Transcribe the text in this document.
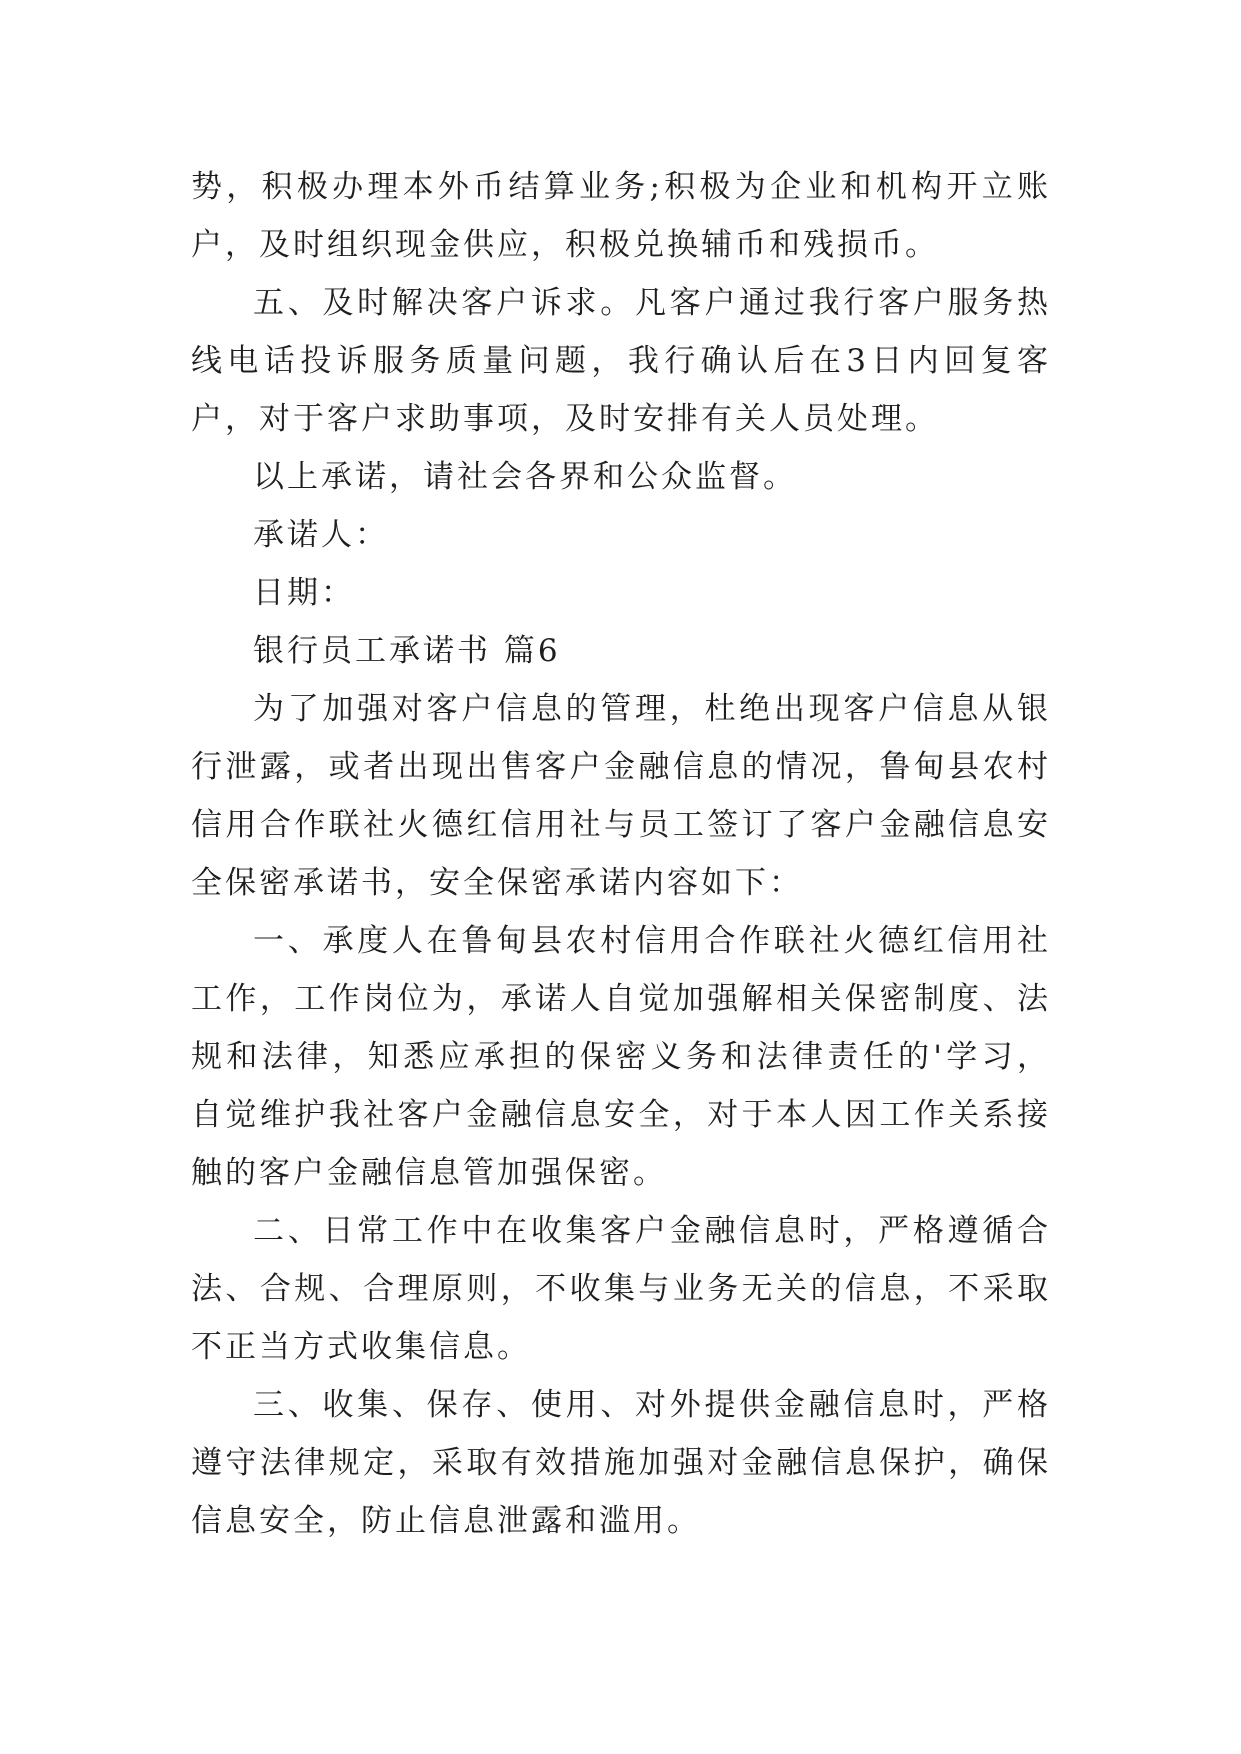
势，积极办理本外币结算业务;积极为企业和机构开立账户，及时组织现金供应，积极兑换辅币和残损币。

五、及时解决客户诉求。凡客户通过我行客户服务热线电话投诉服务质量问题，我行确认后在3日内回复客户，对于客户求助事项，及时安排有关人员处理。

以上承诺，请社会各界和公众监督。

承诺人：

日期：

银行员工承诺书 篇6

为了加强对客户信息的管理，杜绝出现客户信息从银行泄露，或者出现出售客户金融信息的情况，鲁甸县农村信用合作联社火德红信用社与员工签订了客户金融信息安全保密承诺书，安全保密承诺内容如下：

一、承度人在鲁甸县农村信用合作联社火德红信用社工作，工作岗位为，承诺人自觉加强解相关保密制度、法规和法律，知悉应承担的保密义务和法律责任的'学习，自觉维护我社客户金融信息安全，对于本人因工作关系接触的客户金融信息管加强保密。

二、日常工作中在收集客户金融信息时，严格遵循合法、合规、合理原则，不收集与业务无关的信息，不采取不正当方式收集信息。

三、收集、保存、使用、对外提供金融信息时，严格遵守法律规定，采取有效措施加强对金融信息保护，确保信息安全，防止信息泄露和滥用。
